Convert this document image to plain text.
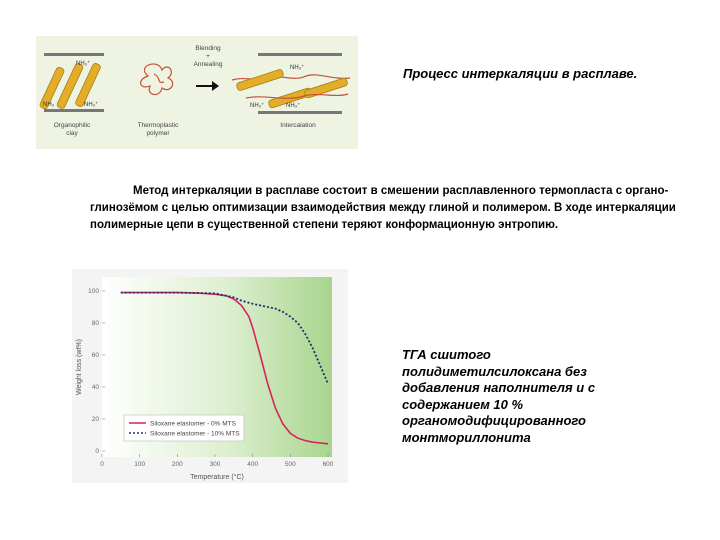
NH₃⁺
NH₃	NH₃⁺
Organophilic
clay
Thermoplastic
polymer
Blending
+
Annealing	NH₃⁺
NH₃⁺	NH₃⁺
Intercalation
Процесс интеркаляции в расплаве.
Метод интеркаляции в расплаве состоит в смешении расплавленного термопласта с органо-глинозёмом с целью оптимизации взаимодействия между глиной и полимером. В ходе интеркаляции полимерные цепи в существенной степени теряют конформационную энтропию.
0	100	200	300	400	500	600
0
20
40
60
80
100
Siloxane elastomer - 0% MTS
Siloxane elastomer - 10% MTS
Temperature (°C)
Weight loss (wt%)	ТГА сшитого полидиметилсилоксана без добавления наполнителя и с содержанием 10 % органомодифицированного монтмориллонита
